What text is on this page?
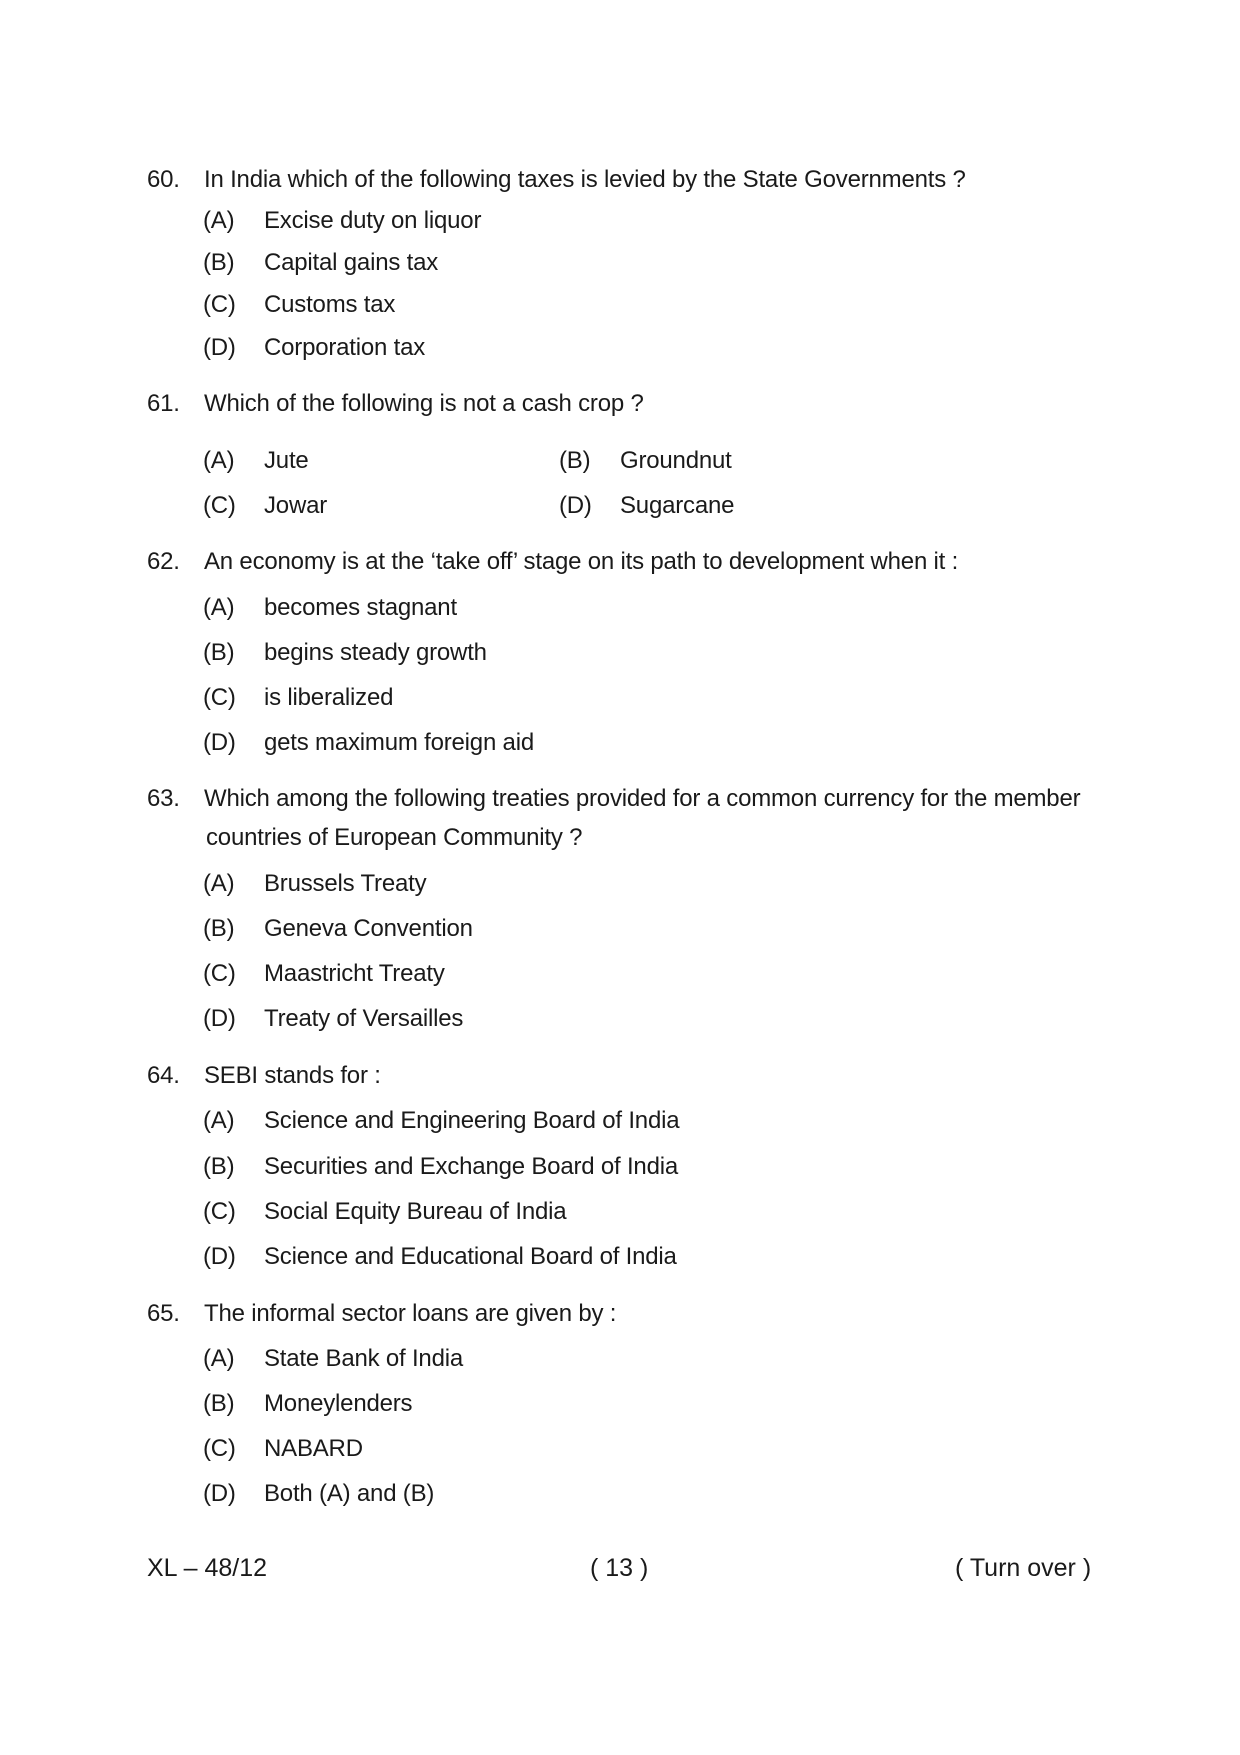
60. In India which of the following taxes is levied by the State Governments ?
(A) Excise duty on liquor
(B) Capital gains tax
(C) Customs tax
(D) Corporation tax
61. Which of the following is not a cash crop ?
(A) Jute	(B) Groundnut
(C) Jowar	(D) Sugarcane
62. An economy is at the ‘take off’ stage on its path to development when it :
(A) becomes stagnant
(B) begins steady growth
(C) is liberalized
(D) gets maximum foreign aid
63. Which among the following treaties provided for a common currency for the member
countries of European Community ?
(A) Brussels Treaty
(B) Geneva Convention
(C) Maastricht Treaty
(D) Treaty of Versailles
64. SEBI stands for :
(A) Science and Engineering Board of India
(B) Securities and Exchange Board of India
(C) Social Equity Bureau of India
(D) Science and Educational Board of India
65. The informal sector loans are given by :
(A) State Bank of India
(B) Moneylenders
(C) NABARD
(D) Both (A) and (B)
XL – 48/12	( 13 )	( Turn over )
